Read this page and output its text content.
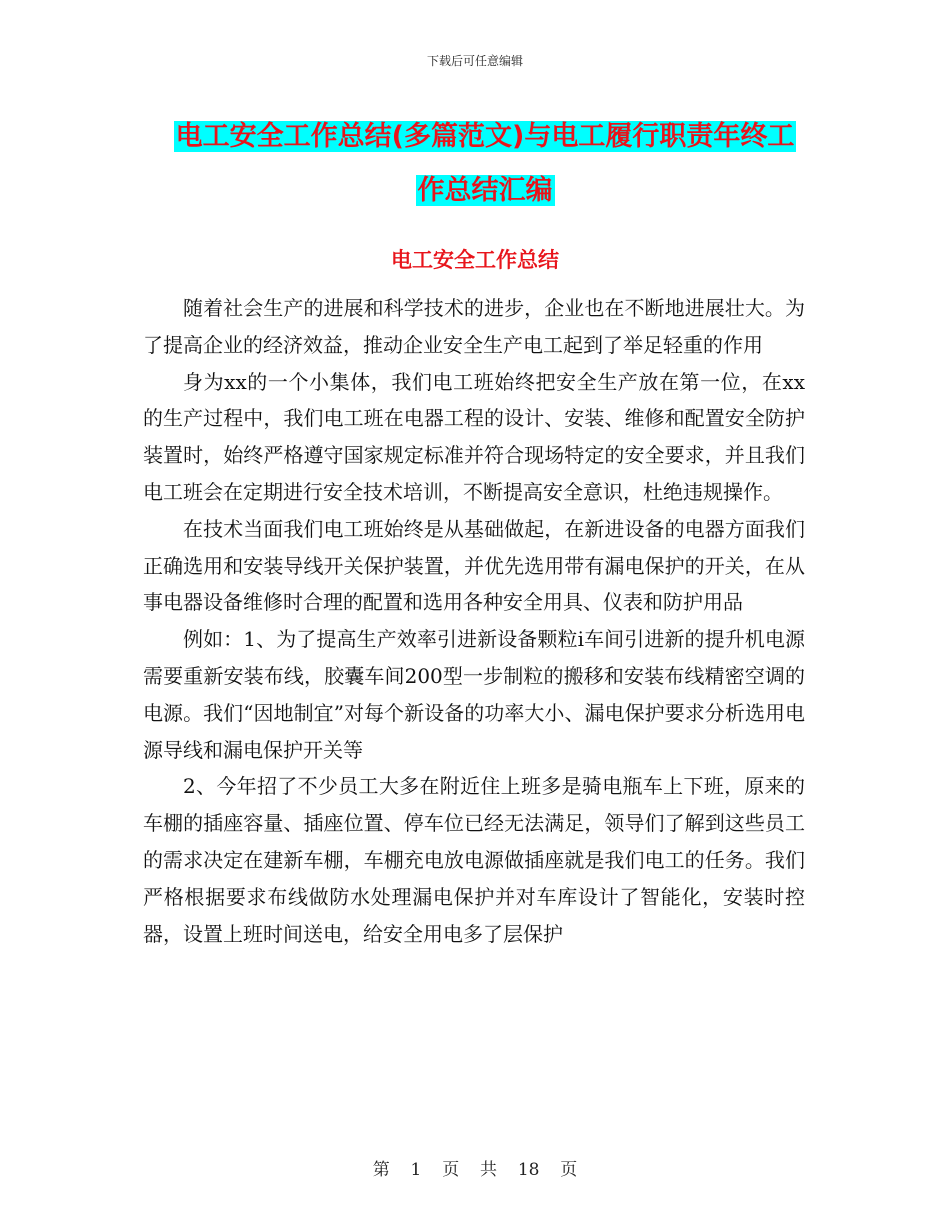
下载后可任意编辑
电工安全工作总结(多篇范文)与电工履行职责年终工
作总结汇编
电工安全工作总结

随着社会生产的进展和科学技术的进步，企业也在不断地进展壮大。为了提高企业的经济效益，推动企业安全生产电工起到了举足轻重的作用

身为xx的一个小集体，我们电工班始终把安全生产放在第一位，在xx的生产过程中，我们电工班在电器工程的设计、安装、维修和配置安全防护装置时，始终严格遵守国家规定标准并符合现场特定的安全要求，并且我们电工班会在定期进行安全技术培训，不断提高安全意识，杜绝违规操作。

在技术当面我们电工班始终是从基础做起，在新进设备的电器方面我们正确选用和安装导线开关保护装置，并优先选用带有漏电保护的开关，在从事电器设备维修时合理的配置和选用各种安全用具、仪表和防护用品

例如：1、为了提高生产效率引进新设备颗粒ⅰ车间引进新的提升机电源需要重新安装布线，胶囊车间200型一步制粒的搬移和安装布线精密空调的电源。我们“因地制宜”对每个新设备的功率大小、漏电保护要求分析选用电源导线和漏电保护开关等

2、今年招了不少员工大多在附近住上班多是骑电瓶车上下班，原来的车棚的插座容量、插座位置、停车位已经无法满足，领导们了解到这些员工的需求决定在建新车棚，车棚充电放电源做插座就是我们电工的任务。我们严格根据要求布线做防水处理漏电保护并对车库设计了智能化，安装时控器，设置上班时间送电，给安全用电多了层保护

第 1 页 共 18 页
